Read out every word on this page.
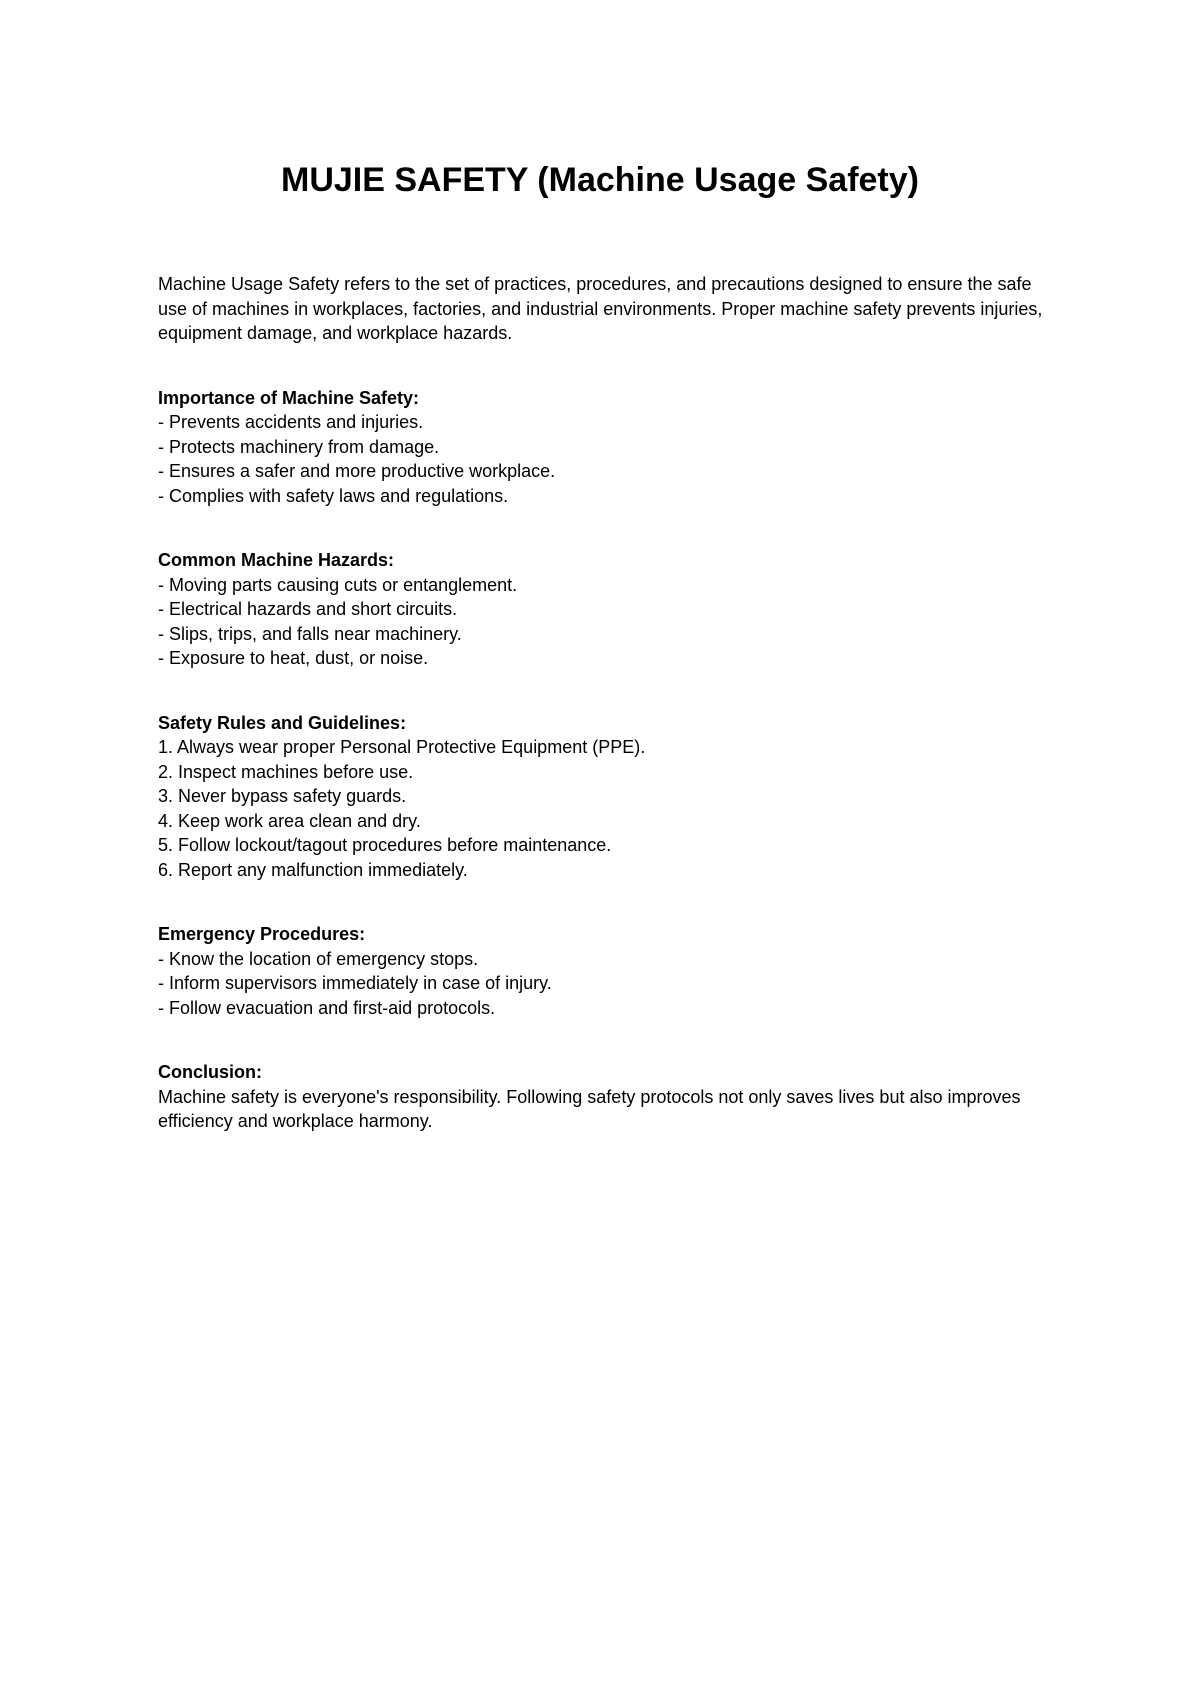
MUJIE SAFETY (Machine Usage Safety)

Machine Usage Safety refers to the set of practices, procedures, and precautions designed to ensure the safe use of machines in workplaces, factories, and industrial environments. Proper machine safety prevents injuries, equipment damage, and workplace hazards.

Importance of Machine Safety:

- Prevents accidents and injuries.

- Protects machinery from damage.

- Ensures a safer and more productive workplace.

- Complies with safety laws and regulations.

Common Machine Hazards:

- Moving parts causing cuts or entanglement.

- Electrical hazards and short circuits.

- Slips, trips, and falls near machinery.

- Exposure to heat, dust, or noise.

Safety Rules and Guidelines:

1. Always wear proper Personal Protective Equipment (PPE).

2. Inspect machines before use.

3. Never bypass safety guards.

4. Keep work area clean and dry.

5. Follow lockout/tagout procedures before maintenance.

6. Report any malfunction immediately.

Emergency Procedures:

- Know the location of emergency stops.

- Inform supervisors immediately in case of injury.

- Follow evacuation and first-aid protocols.

Conclusion:

Machine safety is everyone's responsibility. Following safety protocols not only saves lives but also improves efficiency and workplace harmony.
